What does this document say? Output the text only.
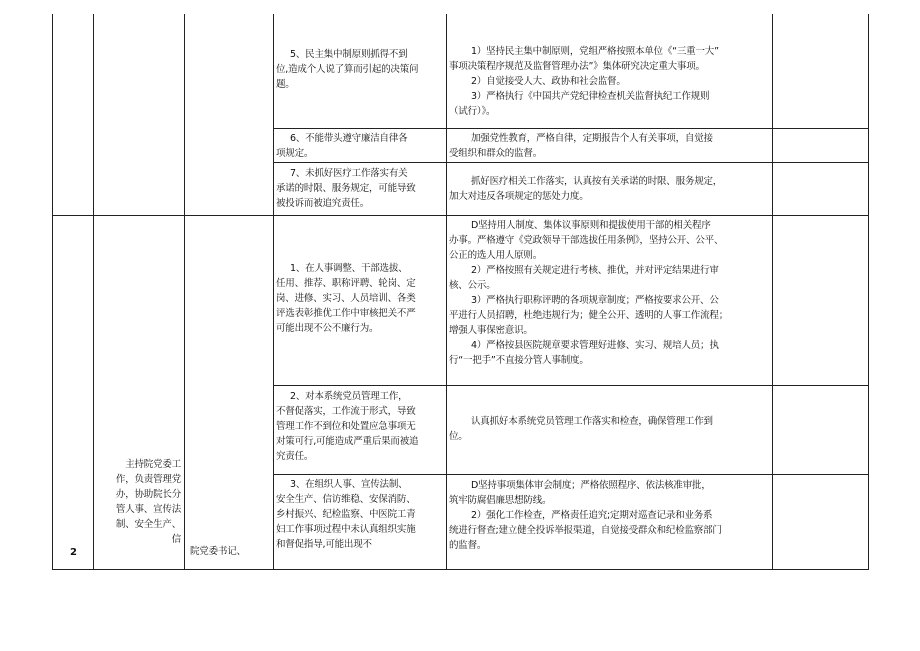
2
主持院党委工
作，负责管理党
办，协助院长分
管人事、宣传法
制、安全生产、
信
院党委书记、
5、民主集中制原则抓得不到
位,造成个人说了算而引起的决策问
题。
6、不能带头遵守廉洁自律各
项规定。
7、未抓好医疗工作落实有关
承诺的时限、服务规定，可能导致
被投诉而被追究责任。
1、在人事调整、干部选拔、
任用、推荐、职称评聘、轮岗、定
岗、进修、实习、人员培训、各类
评选表彰推优工作中审核把关不严
可能出现不公不廉行为。
2、对本系统党员管理工作，
不督促落实，工作流于形式，导致
管理工作不到位和处置应急事项无
对策可行,可能造成严重后果而被追
究责任。
3、在组织人事、宣传法制、
安全生产、信访维稳、安保消防、
乡村振兴、纪检监察、中医院工青
妇工作事项过程中未认真组织实施
和督促指导,可能出现不
1）坚持民主集中制原则，党组严格按照本单位《“三重一大”
事项决策程序规范及监督管理办法”》集体研究决定重大事项。
2）自觉接受人大、政协和社会监督。
3）严格执行《中国共产党纪律检查机关监督执纪工作规则
（试行）》。
加强党性教育，严格自律，定期报告个人有关事项，自觉接
受组织和群众的监督。
抓好医疗相关工作落实，认真按有关承诺的时限、服务规定，
加大对违反各项规定的惩处力度。
D坚持用人制度、集体议事原则和提拔使用干部的相关程序
办事。严格遵守《党政领导干部选拔任用条例》，坚持公开、公平、
公正的选人用人原则。
2）严格按照有关规定进行考核、推优，并对评定结果进行审
核、公示。
3）严格执行职称评聘的各项规章制度；严格按要求公开、公
平进行人员招聘，杜绝违规行为；健全公开、透明的人事工作流程；
增强人事保密意识。
4）严格按县医院规章要求管理好进修、实习、规培人员；执
行“一把手”不直接分管人事制度。
认真抓好本系统党员管理工作落实和检查，确保管理工作到
位。
D坚持事项集体审会制度；严格依照程序、依法核准审批，
筑牢防腐倡廉思想防线。
2）强化工作检查，严格责任追究;定期对巡查记录和业务系
统进行督查;建立健全投诉举报渠道，自觉接受群众和纪检监察部门
的监督。
